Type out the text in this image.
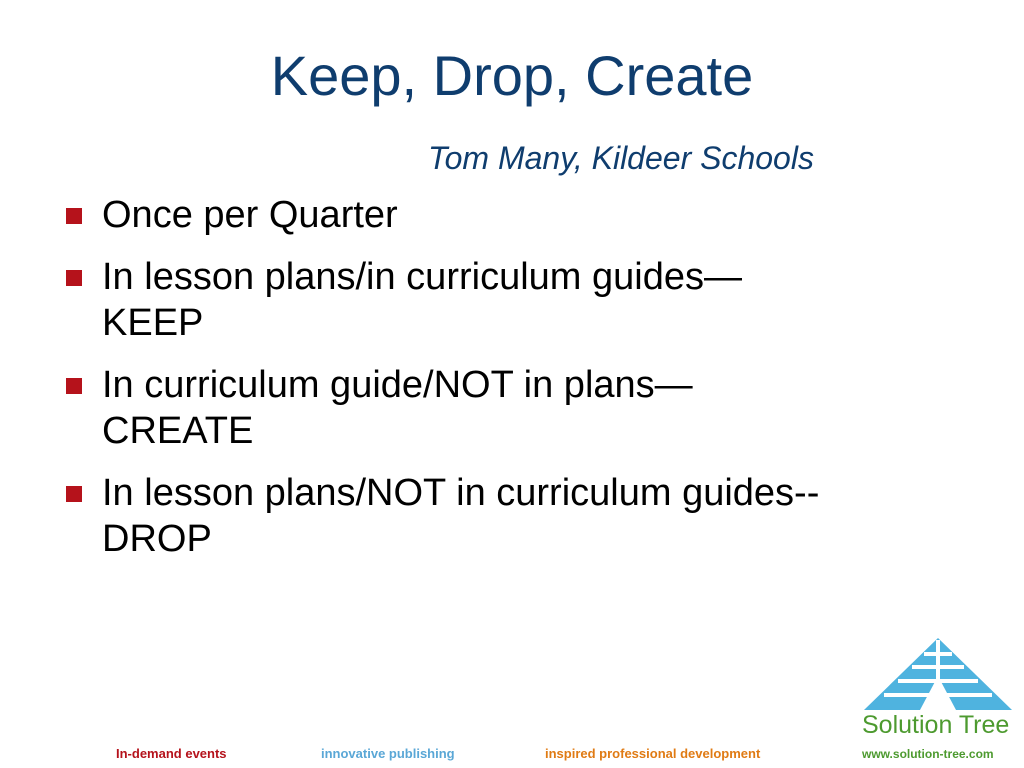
Keep, Drop, Create
Tom Many, Kildeer Schools
Once per Quarter
In lesson plans/in curriculum guides—
KEEP
In curriculum guide/NOT in plans—
CREATE
In lesson plans/NOT in curriculum guides--
DROP
In-demand events	innovative publishing	inspired professional development
Solution Tree
www.solution-tree.com
